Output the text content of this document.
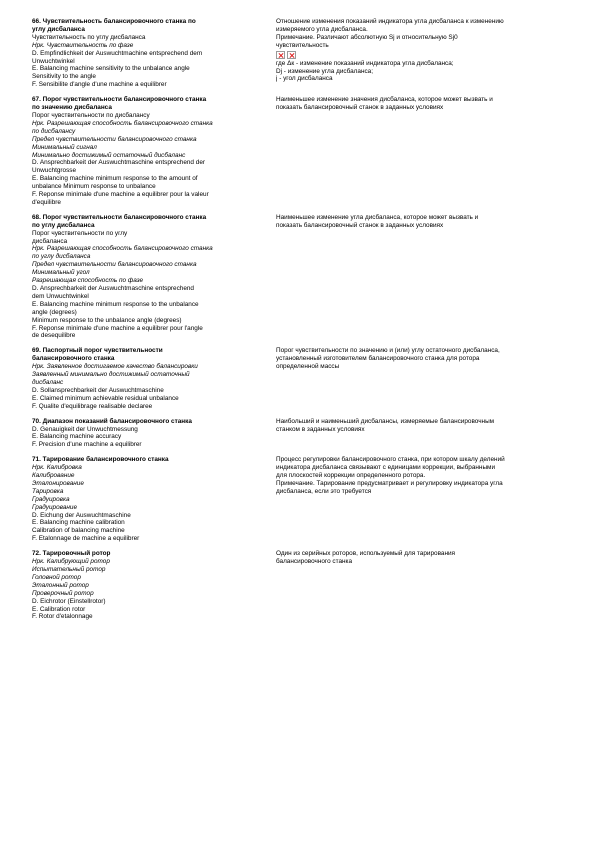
66. Чувствительность балансировочного станка по
углу дисбаланса
Чувствительность по углу дисбаланса
Нрк. Чувствительность по фазе
D. Empfindlichkeit der Auswuchtmachine entsprechend dem
Unwuchtwinkel
E. Balancing machine sensitivity to the unbalance angle
Sensitivity to the angle
F. Sensibilite d'angle d'une machine a equilibrer
Отношение изменения показаний индикатора угла дисбаланса к изменению
измеряемого угла дисбаланса.
Примечание. Различают абсолютную Sj и относительную Sj0
чувствительность
где Δк - изменение показаний индикатора угла дисбаланса;
Dj - изменение угла дисбаланса;
j - угол дисбаланса
67. Порог чувствительности балансировочного станка
по значению дисбаланса
Порог чувствительности по дисбалансу
Нрк. Разрешающая способность балансировочного станка
по дисбалансу
Предел чувствительности балансировочного станка
Минимальный сигнал
Минимально достижимый остаточный дисбаланс
D. Ansprechbarkeit der Auswuchtmaschine entsprechend der
Unwuchtgrosse
E. Balancing machine minimum response to the amount of
unbalance Minimum response to unbalance
F. Reponse minimale d'une machine a equilibrer pour la valeur
d'equilibre
Наименьшее изменение значения дисбаланса, которое может вызвать и
показать балансировочный станок в заданных условиях
68. Порог чувствительности балансировочного станка
по углу дисбаланса
Порог чувствительности по углу
дисбаланса
Нрк. Разрешающая способность балансировочного станка
по углу дисбаланса
Предел чувствительности балансировочного станка
Минимальный угол
Разрешающая способность по фазе
D. Ansprechbarkeit der Auswuchtmaschine entsprechend
dem Unwuchtwinkel
E. Balancing machine minimum response to the unbalance
angle (degrees)
Minimum response to the unbalance angle (degrees)
F. Reponse minimale d'une machine a equilibrer pour l'angle
de desequilibre
Наименьшее изменение угла дисбаланса, которое может вызвать и
показать балансировочный станок в заданных условиях
69. Паспортный порог чувствительности
балансировочного станка
Нрк. Заявленное достигаемое качество балансировки
Заявленный минимально достижимый остаточный
дисбаланс
D. Sollansprechbarkeit der Auswuchtmaschine
E. Claimed minimum achievable residual unbalance
F. Qualite d'equilibrage realisable declaree
Порог чувствительности по значению и (или) углу остаточного дисбаланса,
установленный изготовителем балансировочного станка для ротора
определенной массы
70. Диапазон показаний балансировочного станка
D. Genauigkeit der Unwuchtmessung
E. Balancing machine accuracy
F. Precision d'une machine a equilibrer
Наибольший и наименьший дисбалансы, измеряемые балансировочным
станком в заданных условиях
71. Тарирование балансировочного станка
Нрк. Калибровка
Калибрование
Эталонирование
Тарировка
Градуировка
Градуирование
D. Eichung der Auswuchtmaschine
E. Balancing machine calibration
Calibration of balancing machine
F. Etalonnage de machine a equilibrer
Процесс регулировки балансировочного станка, при котором шкалу делений
индикатора дисбаланса связывают с единицами коррекции, выбранными
для плоскостей коррекции определенного ротора.
Примечание. Тарирование предусматривает и регулировку индикатора угла
дисбаланса, если это требуется
72. Тарировочный ротор
Нрк. Калибрующий ротор
Испытательный ротор
Головной ротор
Эталонный ротор
Проверочный ротор
D. Eichrotor (Einstellrotor)
E. Calibration rotor
F. Rotor d'etalonnage
Один из серийных роторов, используемый для тарирования
балансировочного станка
